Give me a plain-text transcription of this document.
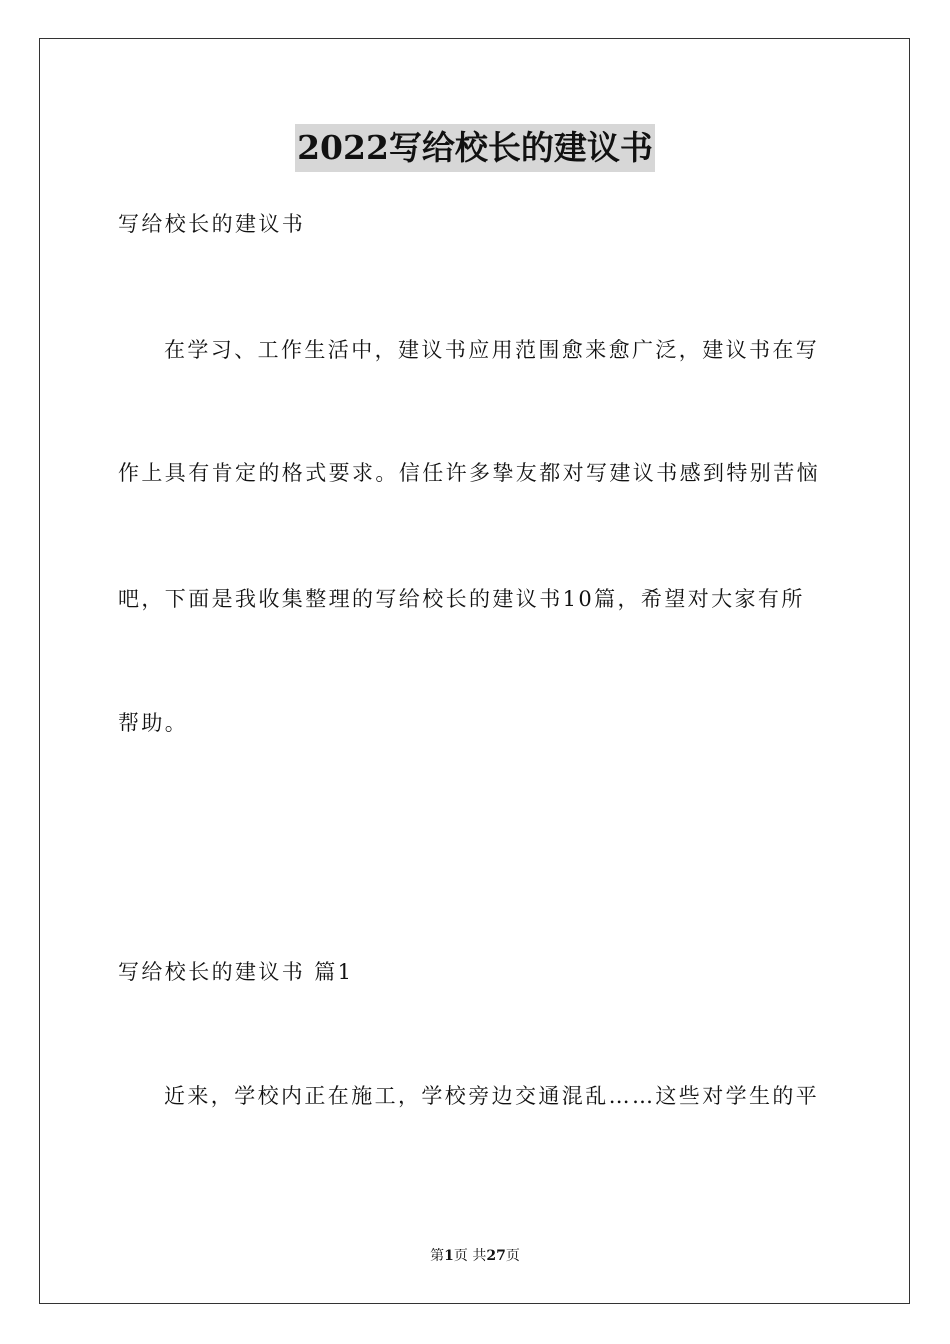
2022写给校长的建议书

写给校长的建议书

在学习、工作生活中，建议书应用范围愈来愈广泛，建议书在写

作上具有肯定的格式要求。信任许多挚友都对写建议书感到特别苦恼

吧，下面是我收集整理的写给校长的建议书10篇，希望对大家有所

帮助。

写给校长的建议书 篇1

近来，学校内正在施工，学校旁边交通混乱……这些对学生的平

第1页 共27页
